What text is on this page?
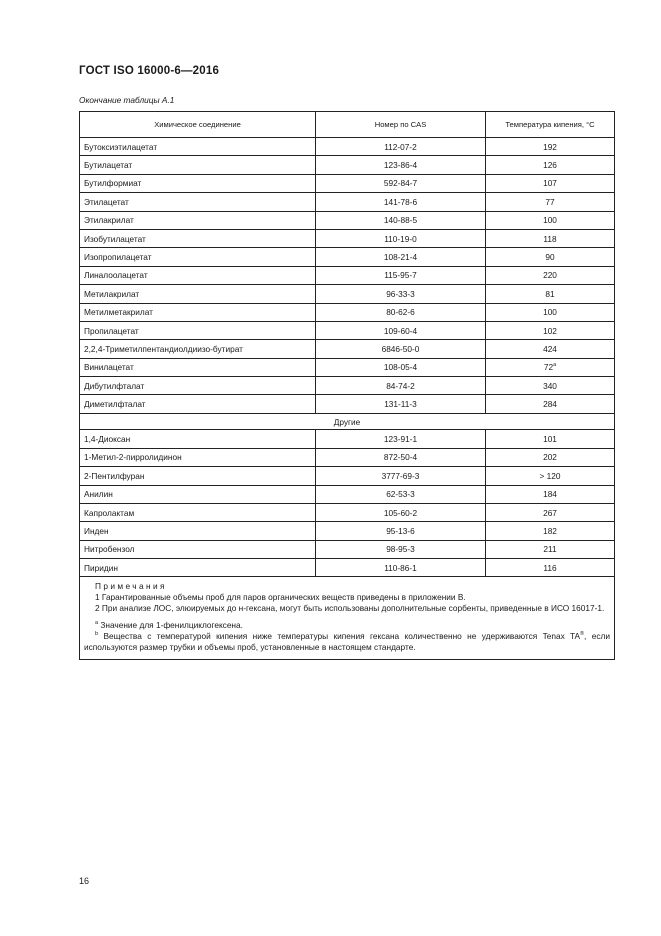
ГОСТ ISO 16000-6—2016
Окончание таблицы А.1
Химическое соединение	Номер по CAS	Температура кипения, °C
Бутоксиэтилацетат	112-07-2	192
Бутилацетат	123-86-4	126
Бутилформиат	592-84-7	107
Этилацетат	141-78-6	77
Этилакрилат	140-88-5	100
Изобутилацетат	110-19-0	118
Изопропилацетат	108-21-4	90
Линалоолацетат	115-95-7	220
Метилакрилат	96-33-3	81
Метилметакрилат	80-62-6	100
Пропилацетат	109-60-4	102
2,2,4-Триметилпентандиолдиизо-бутират	6846-50-0	424
Винилацетат	108-05-4	72$^a$
Дибутилфталат	84-74-2	340
Диметилфталат	131-11-3	284
Другие		
1,4-Диоксан	123-91-1	101
1-Метил-2-пирролидинон	872-50-4	202
2-Пентилфуран	3777-69-3	> 120
Анилин	62-53-3	184
Капролактам	105-60-2	267
Инден	95-13-6	182
Нитробензол	98-95-3	211
Пиридин	110-86-1	116

Примечания
1 Гарантированные объемы проб для паров органических веществ приведены в приложении В.
2 При анализе ЛОС, элюируемых до н-гексана, могут быть использованы дополнительные сорбенты, приведенные в ИСО 16017-1.
$^a$ Значение для 1-фенилциклогексена.
$^b$ Вещества с температурой кипения ниже температуры кипения гексана количественно не удерживаются Tenax TA®, если используются размер трубки и объемы проб, установленные в настоящем стандарте.		
16
